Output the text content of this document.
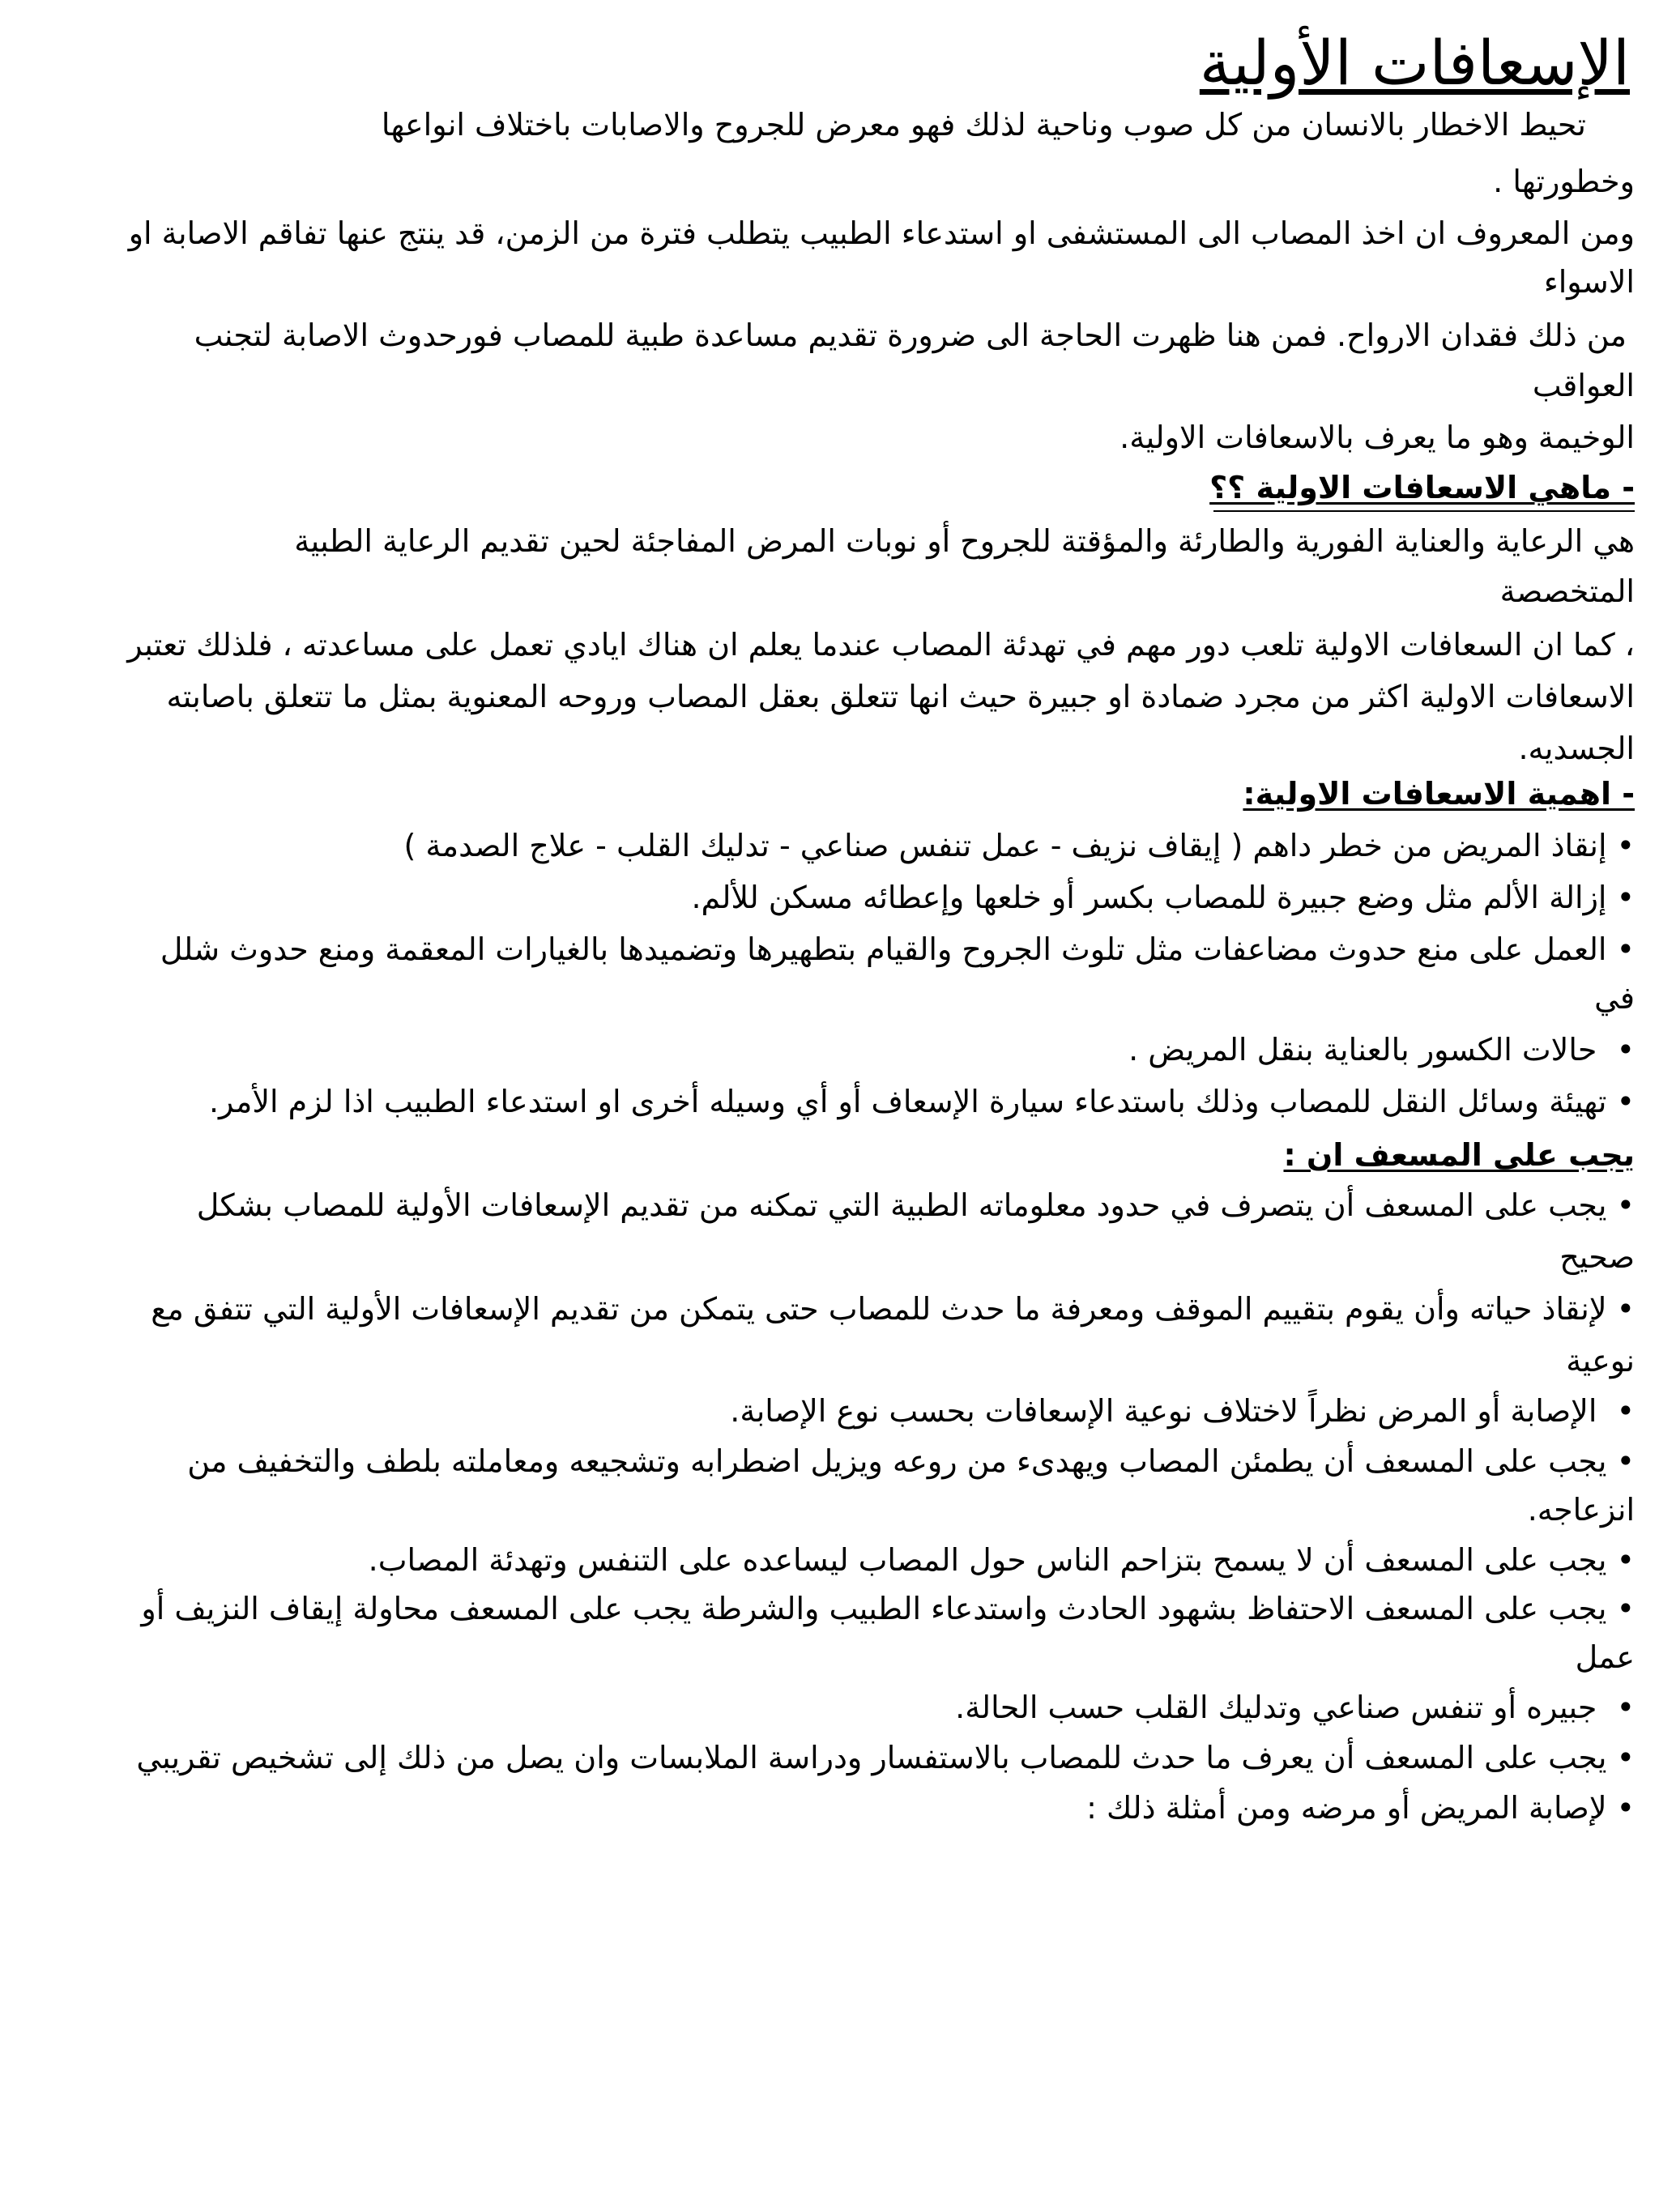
الإسعافات الأولية

تحيط الاخطار بالانسان من كل صوب وناحية لذلك فهو معرض للجروح والاصابات باختلاف انواعها

وخطورتها .

ومن المعروف ان اخذ المصاب الى المستشفى او استدعاء الطبيب يتطلب فترة من الزمن، قد ينتج عنها تفاقم الاصابة او

الاسواء

من ذلك فقدان الارواح. فمن هنا ظهرت الحاجة الى ضرورة تقديم مساعدة طبية للمصاب فورحدوث الاصابة لتجنب

العواقب

الوخيمة وهو ما يعرف بالاسعافات الاولية.

- ماهي الاسعافات الاولية ؟؟

هي الرعاية والعناية الفورية والطارئة والمؤقتة للجروح أو نوبات المرض المفاجئة لحين تقديم الرعاية الطبية

المتخصصة

، كما ان السعافات الاولية تلعب دور مهم في تهدئة المصاب عندما يعلم ان هناك ايادي تعمل على مساعدته ، فلذلك تعتبر

الاسعافات الاولية اكثر من مجرد ضمادة او جبيرة حيث انها تتعلق بعقل المصاب وروحه المعنوية بمثل ما تتعلق باصابته

الجسديه.

- اهمية الاسعافات الاولية:

• إنقاذ المريض من خطر داهم ( إيقاف نزيف - عمل تنفس صناعي - تدليك القلب - علاج الصدمة )

• إزالة الألم مثل وضع جبيرة للمصاب بكسر أو خلعها وإعطائه مسكن للألم.

• العمل على منع حدوث مضاعفات مثل تلوث الجروح والقيام بتطهيرها وتضميدها بالغيارات المعقمة ومنع حدوث شلل

في

•  حالات الكسور بالعناية بنقل المريض .

• تهيئة وسائل النقل للمصاب وذلك باستدعاء سيارة الإسعاف أو أي وسيله أخرى او استدعاء الطبيب اذا لزم الأمر.

يجب على المسعف ان :

• يجب على المسعف أن يتصرف في حدود معلوماته الطبية التي تمكنه من تقديم الإسعافات الأولية للمصاب بشكل

صحيح

• لإنقاذ حياته وأن يقوم بتقييم الموقف ومعرفة ما حدث للمصاب حتى يتمكن من تقديم الإسعافات الأولية التي تتفق مع

نوعية

•  الإصابة أو المرض نظراً لاختلاف نوعية الإسعافات بحسب نوع الإصابة.

• يجب على المسعف أن يطمئن المصاب ويهدىء من روعه ويزيل اضطرابه وتشجيعه ومعاملته بلطف والتخفيف من

انزعاجه.

• يجب على المسعف أن لا يسمح بتزاحم الناس حول المصاب ليساعده على التنفس وتهدئة المصاب.

• يجب على المسعف الاحتفاظ بشهود الحادث واستدعاء الطبيب والشرطة يجب على المسعف محاولة إيقاف النزيف أو

عمل

•  جبيره أو تنفس صناعي وتدليك القلب حسب الحالة.

• يجب على المسعف أن يعرف ما حدث للمصاب بالاستفسار ودراسة الملابسات وان يصل من ذلك إلى تشخيص تقريبي

• لإصابة المريض أو مرضه ومن أمثلة ذلك :
